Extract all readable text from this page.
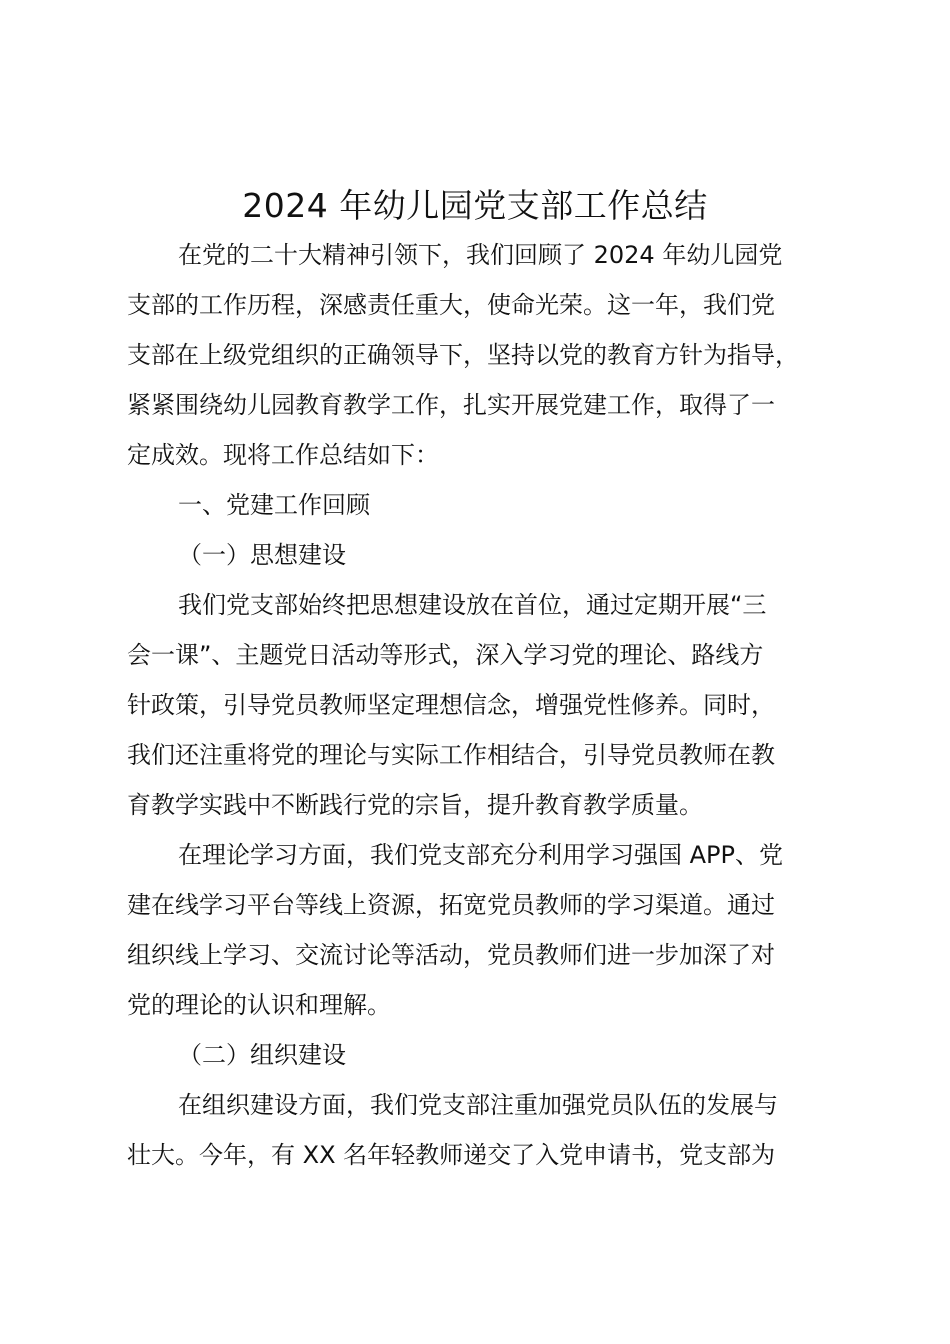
2024 年幼儿园党支部工作总结
在党的二十大精神引领下，我们回顾了 2024 年幼儿园党
支部的工作历程，深感责任重大，使命光荣。这一年，我们党
支部在上级党组织的正确领导下，坚持以党的教育方针为指导，
紧紧围绕幼儿园教育教学工作，扎实开展党建工作，取得了一
定成效。现将工作总结如下：
一、党建工作回顾
（一）思想建设
我们党支部始终把思想建设放在首位，通过定期开展“三
会一课”、主题党日活动等形式，深入学习党的理论、路线方
针政策，引导党员教师坚定理想信念，增强党性修养。同时，
我们还注重将党的理论与实际工作相结合，引导党员教师在教
育教学实践中不断践行党的宗旨，提升教育教学质量。
在理论学习方面，我们党支部充分利用学习强国 APP、党
建在线学习平台等线上资源，拓宽党员教师的学习渠道。通过
组织线上学习、交流讨论等活动，党员教师们进一步加深了对
党的理论的认识和理解。
（二）组织建设
在组织建设方面，我们党支部注重加强党员队伍的发展与
壮大。今年，有 XX 名年轻教师递交了入党申请书，党支部为
